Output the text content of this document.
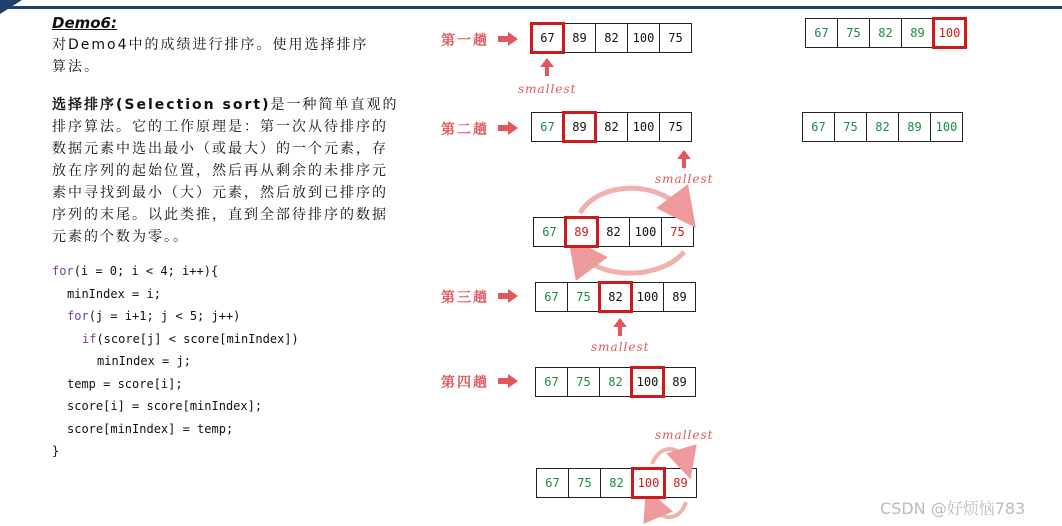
Demo6:

对Demo4中的成绩进行排序。使用选择排序算法。

选择排序(Selection sort)是一种简单直观的排序算法。它的工作原理是：第一次从待排序的数据元素中选出最小（或最大）的一个元素，存放在序列的起始位置，然后再从剩余的未排序元素中寻找到最小（大）元素，然后放到已排序的序列的末尾。以此类推，直到全部待排序的数据元素的个数为零。。

for(i = 0; i < 4; i++){
minIndex = i;
for(j = i+1; j < 5; j++)
if(score[j] < score[minIndex])
minIndex = j;
temp = score[i];
score[i] = score[minIndex];
score[minIndex] = temp;
}
第一趟
第二趟
第三趟
第四趟
67	89	82	100	75
67	89	82	100	75
67	89	82	100	75
67	75	82	100	89
67	75	82	100	89
67	75	82	100	89
67	75	82	89	100
67	75	82	89	100
smallest
smallest
smallest
smallest
CSDN @好烦恼783
